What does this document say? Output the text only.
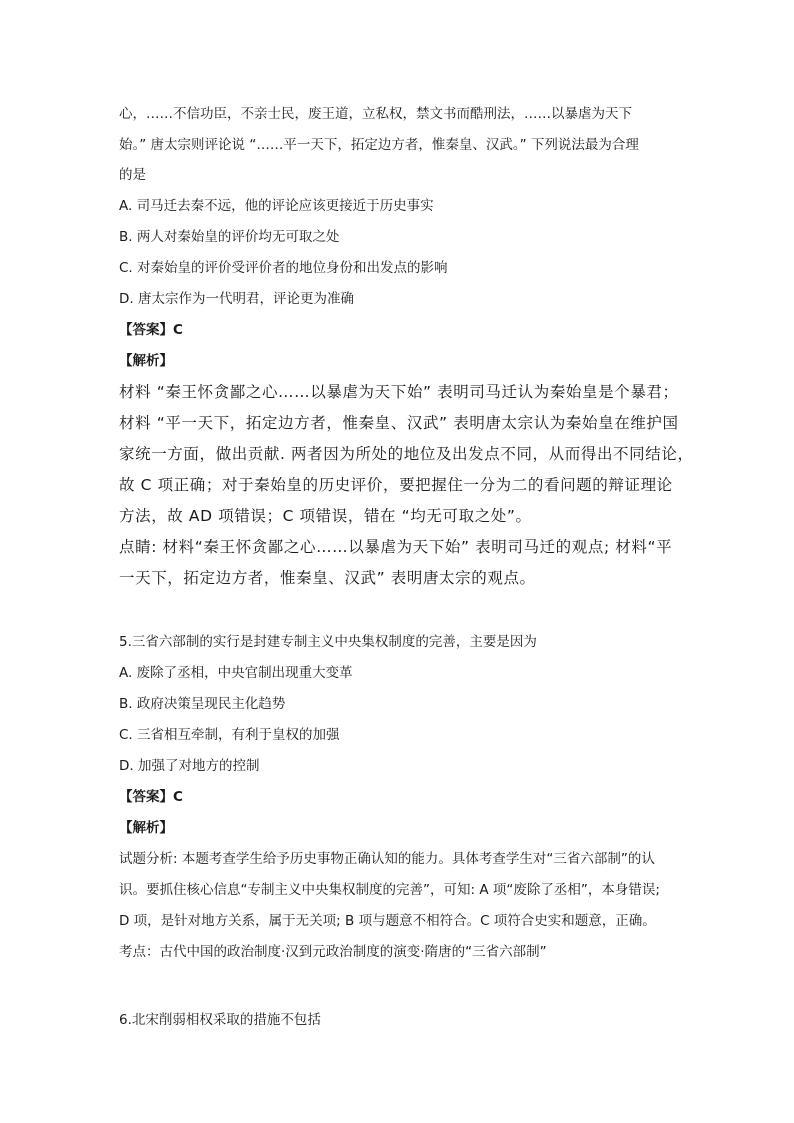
心，……不信功臣，不亲士民，废王道，立私权，禁文书而酷刑法，……以暴虐为天下
始。” 唐太宗则评论说 “……平一天下，拓定边方者，惟秦皇、汉武。” 下列说法最为合理
的是
A. 司马迁去秦不远，他的评论应该更接近于历史事实
B. 两人对秦始皇的评价均无可取之处
C. 对秦始皇的评价受评价者的地位身份和出发点的影响
D. 唐太宗作为一代明君，评论更为准确
【答案】C
【解析】
材料 “秦王怀贪鄙之心……以暴虐为天下始” 表明司马迁认为秦始皇是个暴君；
材料 “平一天下，拓定边方者，惟秦皇、汉武” 表明唐太宗认为秦始皇在维护国
家统一方面，做出贡献. 两者因为所处的地位及出发点不同，从而得出不同结论，
故 C 项正确；对于秦始皇的历史评价，要把握住一分为二的看问题的辩证理论
方法，故 AD 项错误；C 项错误，错在 “均无可取之处”。
点睛: 材料“秦王怀贪鄙之心……以暴虐为天下始” 表明司马迁的观点; 材料“平
一天下，拓定边方者，惟秦皇、汉武” 表明唐太宗的观点。
5.三省六部制的实行是封建专制主义中央集权制度的完善，主要是因为
A. 废除了丞相，中央官制出现重大变革
B. 政府决策呈现民主化趋势
C. 三省相互牵制，有利于皇权的加强
D. 加强了对地方的控制
【答案】C
【解析】
试题分析: 本题考查学生给予历史事物正确认知的能力。具体考查学生对“三省六部制”的认
识。要抓住核心信息“专制主义中央集权制度的完善”，可知: A 项“废除了丞相”，本身错误;
D 项，是针对地方关系，属于无关项; B 项与题意不相符合。C 项符合史实和题意，正确。
考点：古代中国的政治制度·汉到元政治制度的演变·隋唐的“三省六部制”
6.北宋削弱相权采取的措施不包括
